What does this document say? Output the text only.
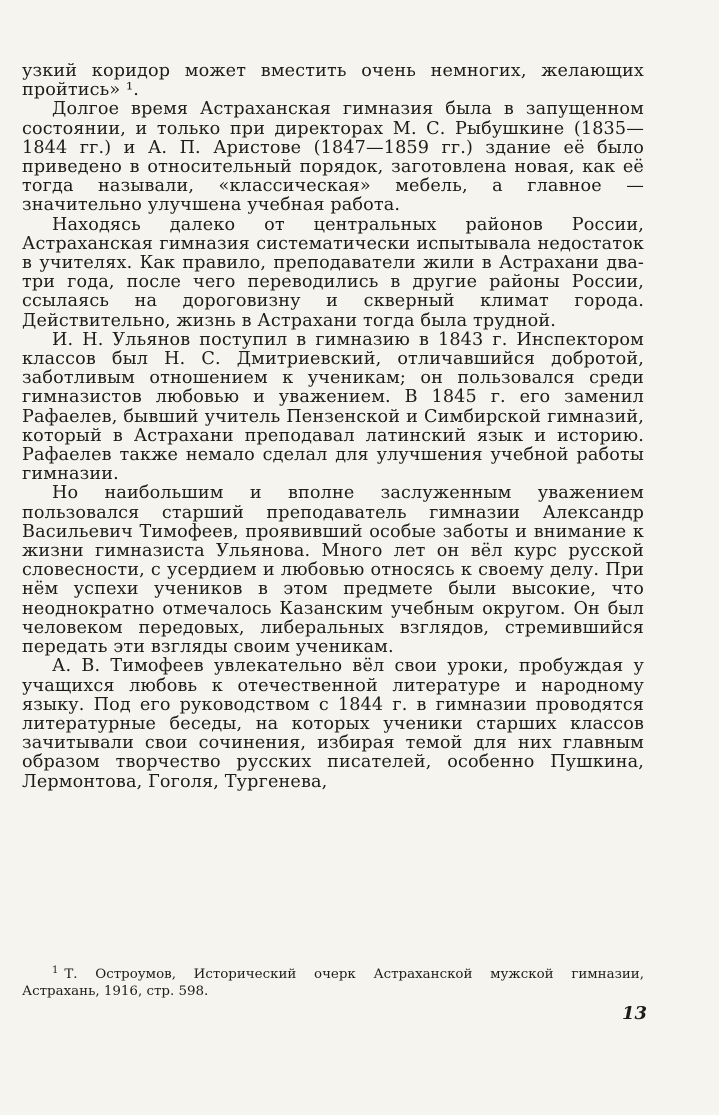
узкий коридор может вместить очень немногих, желающих пройтись» ¹.

Долгое время Астраханская гимназия была в запущенном состоянии, и только при директорах М. С. Рыбушкине (1835—1844 гг.) и А. П. Аристове (1847—1859 гг.) здание её было приведено в относительный порядок, заготовлена новая, как её тогда называли, «классическая» мебель, а главное — значительно улучшена учебная работа.

Находясь далеко от центральных районов России, Астраханская гимназия систематически испытывала недостаток в учителях. Как правило, преподаватели жили в Астрахани два-три года, после чего переводились в другие районы России, ссылаясь на дороговизну и скверный климат города. Действительно, жизнь в Астрахани тогда была трудной.

И. Н. Ульянов поступил в гимназию в 1843 г. Инспектором классов был Н. С. Дмитриевский, отличавшийся добротой, заботливым отношением к ученикам; он пользовался среди гимназистов любовью и уважением. В 1845 г. его заменил Рафаелев, бывший учитель Пензенской и Симбирской гимназий, который в Астрахани преподавал латинский язык и историю. Рафаелев также немало сделал для улучшения учебной работы гимназии.

Но наибольшим и вполне заслуженным уважением пользовался старший преподаватель гимназии Александр Васильевич Тимофеев, проявивший особые заботы и внимание к жизни гимназиста Ульянова. Много лет он вёл курс русской словесности, с усердием и любовью относясь к своему делу. При нём успехи учеников в этом предмете были высокие, что неоднократно отмечалось Казанским учебным округом. Он был человеком передовых, либеральных взглядов, стремившийся передать эти взгляды своим ученикам.

А. В. Тимофеев увлекательно вёл свои уроки, пробуждая у учащихся любовь к отечественной литературе и народному языку. Под его руководством с 1844 г. в гимназии проводятся литературные беседы, на которых ученики старших классов зачитывали свои сочинения, избирая темой для них главным образом творчество русских писателей, особенно Пушкина, Лермонтова, Гоголя, Тургенева,

$^1$ Т. Остроумов, Исторический очерк Астраханской мужской гимназии, Астрахань, 1916, стр. 598.

13
